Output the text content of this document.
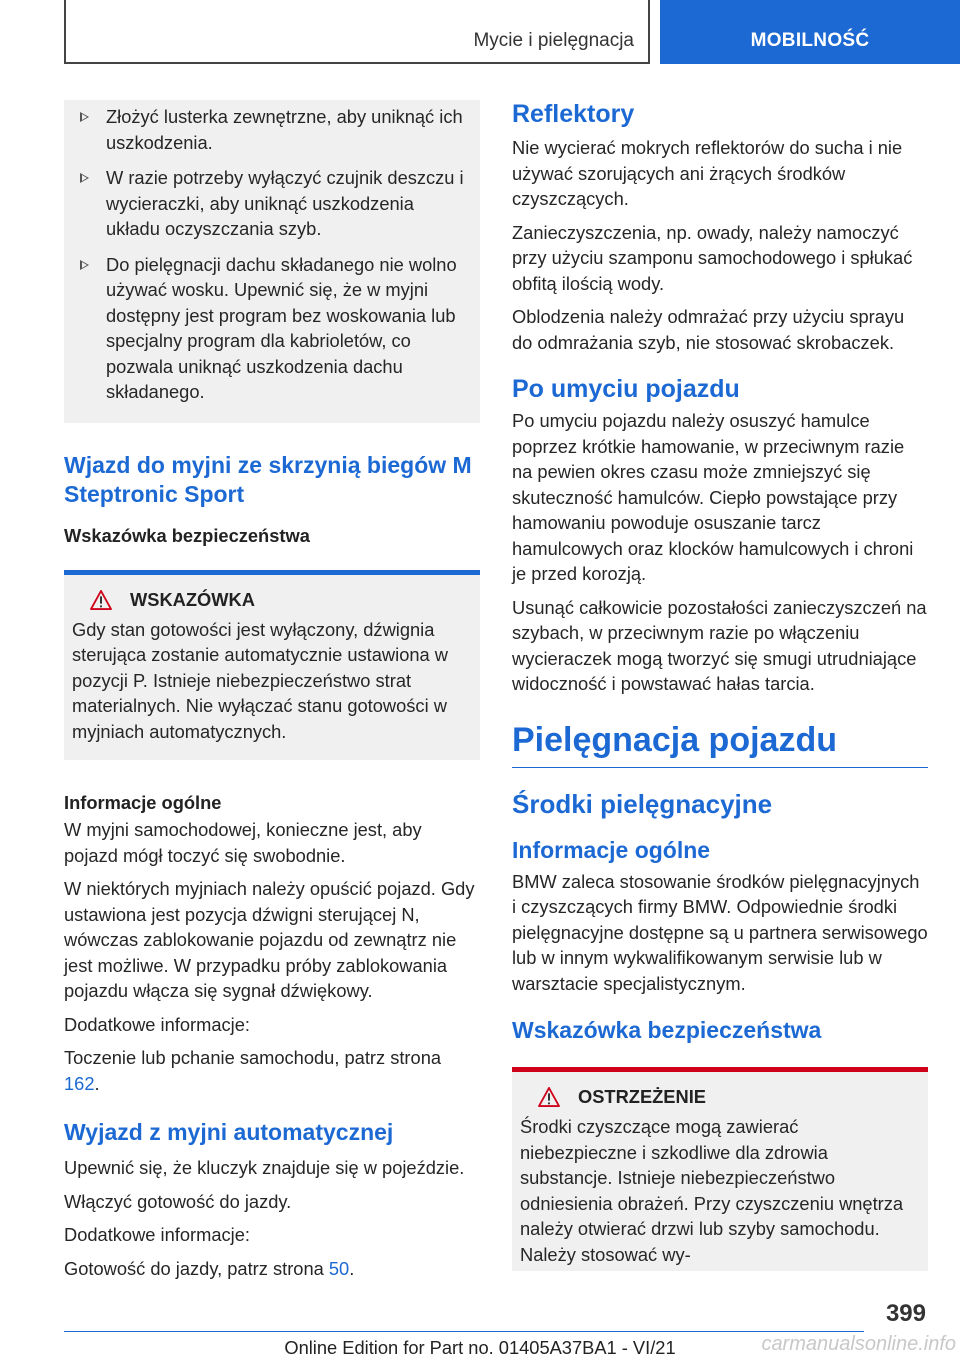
Mycie i pielęgnacja	MOBILNOŚĆ
Złożyć lusterka zewnętrzne, aby uniknąć ich uszkodzenia.
W razie potrzeby wyłączyć czujnik deszczu i wycieraczki, aby uniknąć uszkodzenia układu oczyszczania szyb.
Do pielęgnacji dachu składanego nie wolno używać wosku. Upewnić się, że w myjni dostępny jest program bez woskowania lub specjalny program dla kabrioletów, co pozwala uniknąć uszkodzenia dachu składanego.
Wjazd do myjni ze skrzynią biegów M Steptronic Sport
Wskazówka bezpieczeństwa
WSKAZÓWKA
Gdy stan gotowości jest wyłączony, dźwignia sterująca zostanie automatycznie ustawiona w pozycji P. Istnieje niebezpieczeństwo strat materialnych. Nie wyłączać stanu gotowości w myjniach automatycznych.
Informacje ogólne
W myjni samochodowej, konieczne jest, aby pojazd mógł toczyć się swobodnie.
W niektórych myjniach należy opuścić pojazd. Gdy ustawiona jest pozycja dźwigni sterującej N, wówczas zablokowanie pojazdu od zewnątrz nie jest możliwe. W przypadku próby zablokowania pojazdu włącza się sygnał dźwiękowy.
Dodatkowe informacje:
Toczenie lub pchanie samochodu, patrz strona 162.
Wyjazd z myjni automatycznej
Upewnić się, że kluczyk znajduje się w pojeździe.
Włączyć gotowość do jazdy.
Dodatkowe informacje:
Gotowość do jazdy, patrz strona 50.
Reflektory
Nie wycierać mokrych reflektorów do sucha i nie używać szorujących ani żrących środków czyszczących.
Zanieczyszczenia, np. owady, należy namoczyć przy użyciu szamponu samochodowego i spłukać obfitą ilością wody.
Oblodzenia należy odmrażać przy użyciu sprayu do odmrażania szyb, nie stosować skrobaczek.
Po umyciu pojazdu
Po umyciu pojazdu należy osuszyć hamulce poprzez krótkie hamowanie, w przeciwnym razie na pewien okres czasu może zmniejszyć się skuteczność hamulców. Ciepło powstające przy hamowaniu powoduje osuszanie tarcz hamulcowych oraz klocków hamulcowych i chroni je przed korozją.
Usunąć całkowicie pozostałości zanieczyszczeń na szybach, w przeciwnym razie po włączeniu wycieraczek mogą tworzyć się smugi utrudniające widoczność i powstawać hałas tarcia.
Pielęgnacja pojazdu
Środki pielęgnacyjne
Informacje ogólne
BMW zaleca stosowanie środków pielęgnacyjnych i czyszczących firmy BMW. Odpowiednie środki pielęgnacyjne dostępne są u partnera serwisowego lub w innym wykwalifikowanym serwisie lub w warsztacie specjalistycznym.
Wskazówka bezpieczeństwa
OSTRZEŻENIE
Środki czyszczące mogą zawierać niebezpieczne i szkodliwe dla zdrowia substancje. Istnieje niebezpieczeństwo odniesienia obrażeń. Przy czyszczeniu wnętrza należy otwierać drzwi lub szyby samochodu. Należy stosować wy-
399
Online Edition for Part no. 01405A37BA1 - VI/21	carmanualsonline.info
